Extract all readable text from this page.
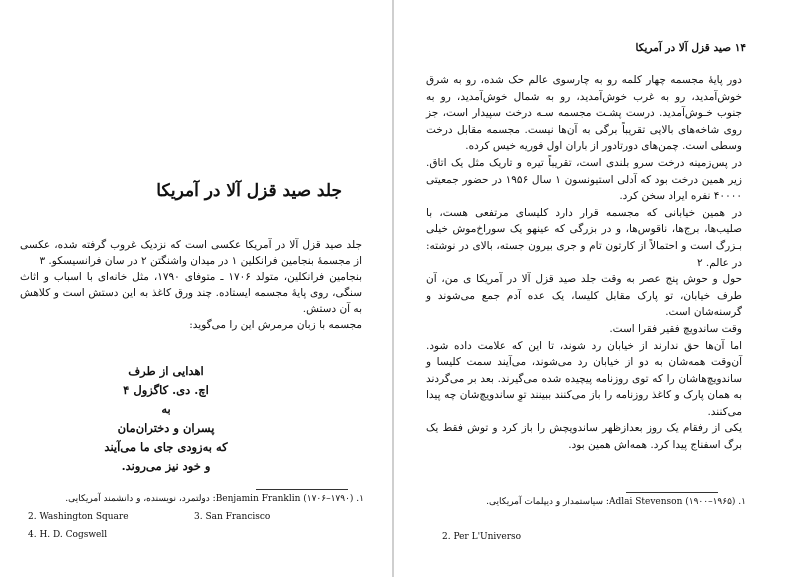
جلد صید قزل آلا در آمریکا

جلد صید قزل آلا در آمریکا عکسی است که نزدیک غروب گرفته شده، عکسی از مجسمهٔ بنجامین فرانکلین ۱ در میدان واشنگتن ۲ در سان فرانسیسکو. ۳

بنجامین فرانکلین، متولد ۱۷۰۶ ـ متوفای ۱۷۹۰، مثل خانه‌ای با اسباب و اثاث سنگی، روی پایهٔ مجسمه ایستاده. چند ورق کاغذ به این دستش است و کلاهش به آن دستش.

مجسمه با زبان مرمرش این را می‌گوید:

اهدایی از طرف
اچ. دی. کاگزول ۴
به
پسران و دختران‌مان
که به‌زودی جای ما می‌آیند
و خود نیز می‌روند.
۱. Benjamin Franklin (۱۷۰۶–۱۷۹۰): دولتمرد، نویسنده، و دانشمند آمریکایی.
2. Washington Square	3. San Francisco
4. H. D. Cogswell
۱۴ صید قزل آلا در آمریکا

دور پایهٔ مجسمه چهار کلمه رو به چارسوی عالم حک شده، رو به شرق خوش‌آمدید، رو به غرب خوش‌آمدید، رو به شمال خوش‌آمدید، رو به جنوب خـوش‌آمدید. درست پشـت مجسمه سـه درخت سپیدار است، جز روی شاخه‌های بالایی تقریباً برگی به آن‌ها نیست. مجسمه مقابل درخت وسطی است. چمن‌های دورتادور از باران اول فوریه خیس کرده.

در پس‌زمینه درخت سرو بلندی است، تقریباً تیره و تاریک مثل یک اتاق. زیر همین درخت بود که آدلی استیونسون ۱ سال ۱۹۵۶ در حضور جمعیتی ۴۰۰۰۰ نفره ایراد سخن کرد.

در همین خیابانی که مجسمه قرار دارد کلیسای مرتفعی هست، با صلیب‌ها، برج‌ها، ناقوس‌ها، و در بزرگی که عینهو یک سوراخ‌موش خیلی بـزرگ است و احتمالاً از کارتون تام و جری بیرون جسته، بالای در نوشته: در عالم. ۲

حول و حوش پنج عصر به وقت جلد صید قزل آلا در آمریکا ی من، آن طرف خیابان، تو پارک مقابل کلیسا، یک عده آدم جمع می‌شوند و گرسنه‌شان است.

وقت ساندویچ فقیر فقرا است.

اما آن‌ها حق ندارند از خیابان رد شوند، تا این که علامت داده شود. آن‌وقت همه‌شان به دو از خیابان رد می‌شوند، می‌آیند سمت کلیسا و ساندویچ‌هاشان را که توی روزنامه پیچیده شده می‌گیرند. بعد بر می‌گردند به همان پارک و کاغذ روزنامه را باز می‌کنند ببینند توِ ساندویچ‌شان چه پیدا می‌کنند.

یکی از رفقام یک روز بعدازظهر ساندویچش را باز کرد و توش فقط یک برگ اسفناج پیدا کرد. همه‌اش همین بود.

۱. Adlai Stevenson (۱۹۰۰–۱۹۶۵): سیاستمدار و دیپلمات آمریکایی.
2. Per L'Universo
